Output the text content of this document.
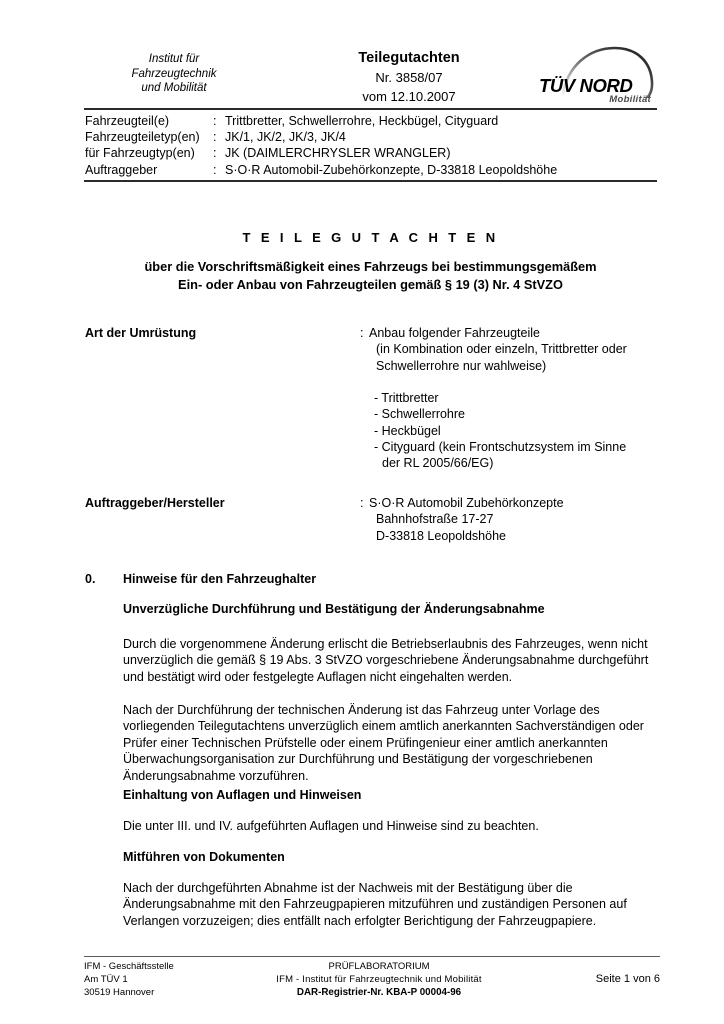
Institut für
Fahrzeugtechnik
und Mobilität
Teilegutachten
Nr. 3858/07
vom 12.10.2007
TÜV NORD
Mobilität
Fahrzeugteil(e)	: Trittbretter, Schwellerrohre, Heckbügel, Cityguard
Fahrzeugteiletyp(en)	: JK/1, JK/2, JK/3, JK/4
für Fahrzeugtyp(en)	: JK (DAIMLERCHRYSLER WRANGLER)
Auftraggeber	: S·O·R Automobil-Zubehörkonzepte, D-33818 Leopoldshöhe
T E I L E G U T A C H T E N
über die Vorschriftsmäßigkeit eines Fahrzeugs bei bestimmungsgemäßem
Ein- oder Anbau von Fahrzeugteilen gemäß § 19 (3) Nr. 4 StVZO
Art der Umrüstung	: Anbau folgender Fahrzeugteile
(in Kombination oder einzeln, Trittbretter oder
Schwellerrohre nur wahlweise)
- Trittbretter
- Schwellerrohre
- Heckbügel
- Cityguard (kein Frontschutzsystem im Sinne
der RL 2005/66/EG)
Auftraggeber/Hersteller	: S·O·R Automobil Zubehörkonzepte
Bahnhofstraße 17-27
D-33818 Leopoldshöhe
0.	Hinweise für den Fahrzeughalter
Unverzügliche Durchführung und Bestätigung der Änderungsabnahme
Durch die vorgenommene Änderung erlischt die Betriebserlaubnis des Fahrzeuges, wenn nicht unverzüglich die gemäß § 19 Abs. 3 StVZO vorgeschriebene Änderungsabnahme durchgeführt und bestätigt wird oder festgelegte Auflagen nicht eingehalten werden.
Nach der Durchführung der technischen Änderung ist das Fahrzeug unter Vorlage des vorliegenden Teilegutachtens unverzüglich einem amtlich anerkannten Sachverständigen oder Prüfer einer Technischen Prüfstelle oder einem Prüfingenieur einer amtlich anerkannten Überwachungsorganisation zur Durchführung und Bestätigung der vorgeschriebenen Änderungsabnahme vorzuführen.
Einhaltung von Auflagen und Hinweisen
Die unter III. und IV. aufgeführten Auflagen und Hinweise sind zu beachten.
Mitführen von Dokumenten
Nach der durchgeführten Abnahme ist der Nachweis mit der Bestätigung über die Änderungsabnahme mit den Fahrzeugpapieren mitzuführen und zuständigen Personen auf Verlangen vorzuzeigen; dies entfällt nach erfolgter Berichtigung der Fahrzeugpapiere.
IFM - Geschäftsstelle
Am TÜV 1
30519 Hannover
PRÜFLABORATORIUM
IFM - Institut für Fahrzeugtechnik und Mobilität
DAR-Registrier-Nr. KBA-P 00004-96
Seite 1 von 6
